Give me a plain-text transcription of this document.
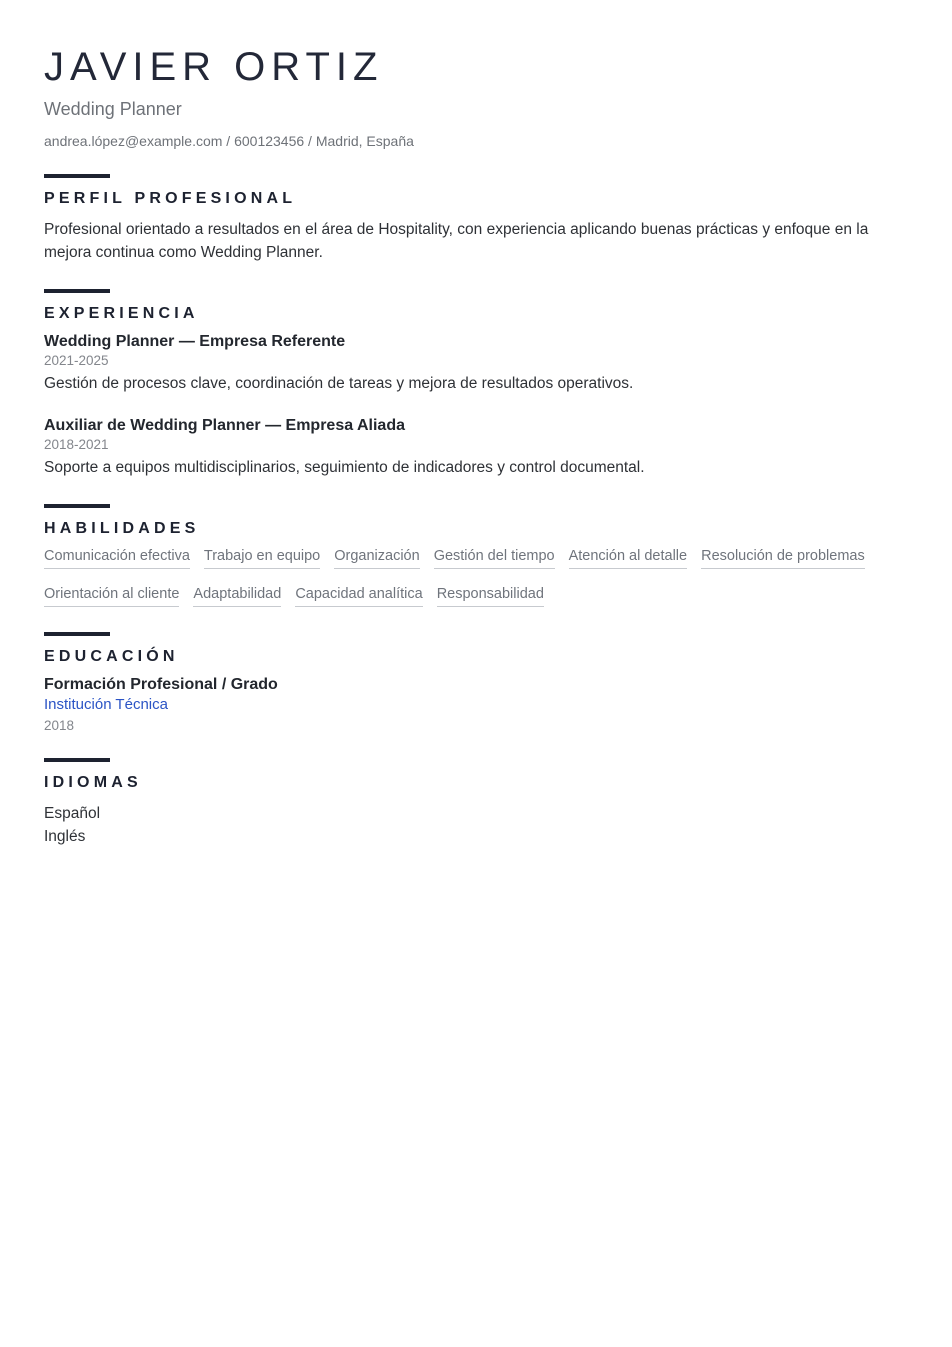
JAVIER ORTIZ
Wedding Planner
andrea.lópez@example.com / 600123456 / Madrid, España
PERFIL PROFESIONAL

Profesional orientado a resultados en el área de Hospitality, con experiencia aplicando buenas prácticas y enfoque en la mejora continua como Wedding Planner.

EXPERIENCIA
Wedding Planner — Empresa Referente
2021-2025

Gestión de procesos clave, coordinación de tareas y mejora de resultados operativos.

Auxiliar de Wedding Planner — Empresa Aliada
2018-2021

Soporte a equipos multidisciplinarios, seguimiento de indicadores y control documental.

HABILIDADES
Comunicación efectiva Trabajo en equipo Organización Gestión del tiempo Atención al detalle Resolución de problemas
Orientación al cliente Adaptabilidad Capacidad analítica Responsabilidad
EDUCACIÓN
Formación Profesional / Grado
Institución Técnica
2018
IDIOMAS
Español
Inglés
